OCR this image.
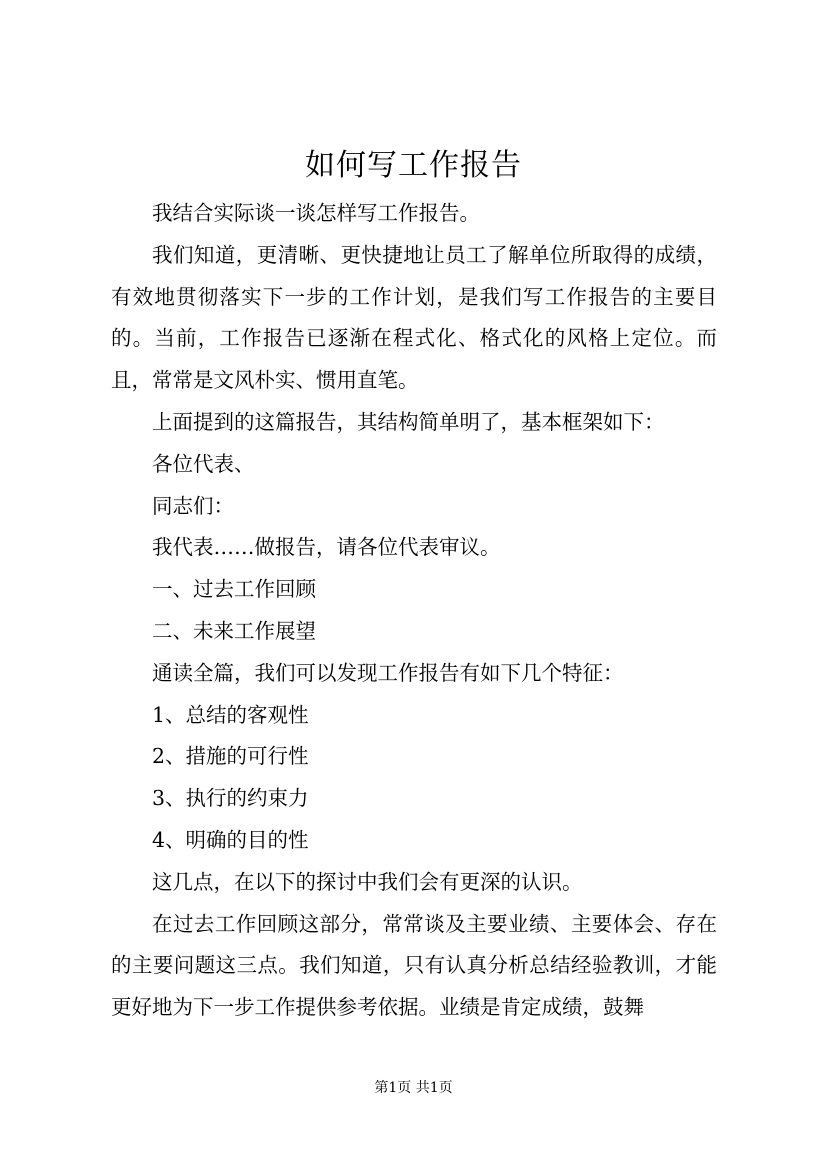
如何写工作报告

我结合实际谈一谈怎样写工作报告。

我们知道，更清晰、更快捷地让员工了解单位所取得的成绩，有效地贯彻落实下一步的工作计划，是我们写工作报告的主要目的。当前，工作报告已逐渐在程式化、格式化的风格上定位。而且，常常是文风朴实、惯用直笔。

上面提到的这篇报告，其结构简单明了，基本框架如下：

各位代表、

同志们：

我代表……做报告，请各位代表审议。

一、过去工作回顾

二、未来工作展望

通读全篇，我们可以发现工作报告有如下几个特征：

1、总结的客观性

2、措施的可行性

3、执行的约束力

4、明确的目的性

这几点，在以下的探讨中我们会有更深的认识。

在过去工作回顾这部分，常常谈及主要业绩、主要体会、存在的主要问题这三点。我们知道，只有认真分析总结经验教训，才能更好地为下一步工作提供参考依据。业绩是肯定成绩，鼓舞

第1页 共1页
